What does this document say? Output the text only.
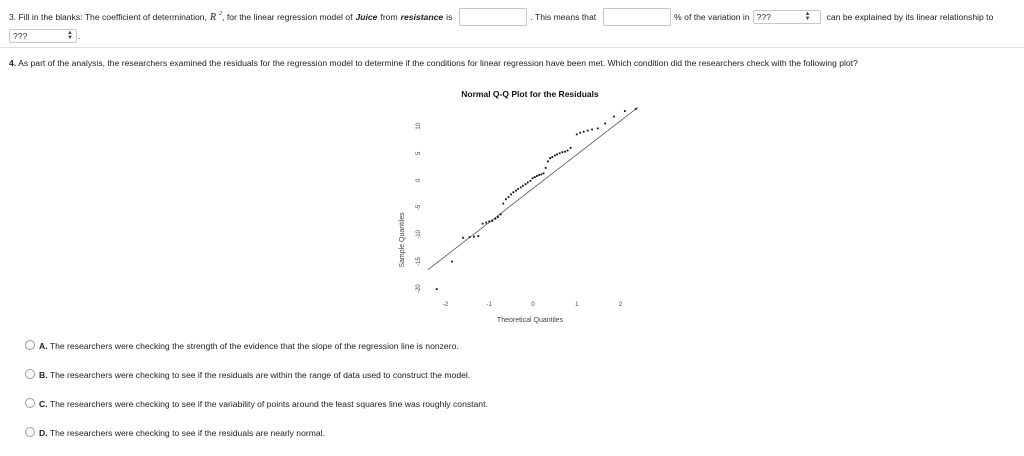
3. Fill in the blanks: The coefficient of determination, R $^2$ , for the linear regression model of Juice from resistance is	. This means that	% of the variation in ???	▲
▼ can be explained by its linear relationship to
???	▲
▼ .
4. As part of the analysis, the researchers examined the residuals for the regression model to determine if the conditions for linear regression have been met. Which condition did the researchers check with the following plot?
Normal Q-Q Plot for the Residuals
-20
-15
-10
-5
0
5
10
-2	-1	0	1	2
Sample Quantiles
Theoretical Quantiles
A. The researchers were checking the strength of the evidence that the slope of the regression line is nonzero.
B. The researchers were checking to see if the residuals are within the range of data used to construct the model.
C. The researchers were checking to see if the variability of points around the least squares line was roughly constant.
D. The researchers were checking to see if the residuals are nearly normal.
